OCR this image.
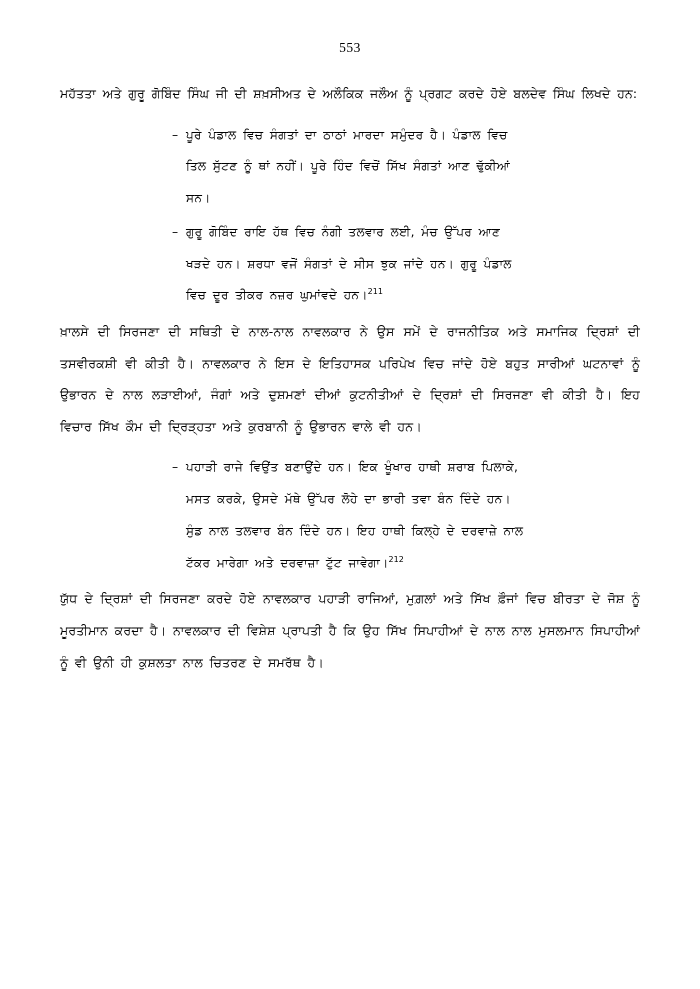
553

ਮਹੱਤਤਾ ਅਤੇ ਗੁਰੂ ਗੋਬਿੰਦ ਸਿੰਘ ਜੀ ਦੀ ਸ਼ਖ਼ਸੀਅਤ ਦੇ ਅਲੌਕਿਕ ਜਲੌਅ ਨੂੰ ਪ੍ਰਗਟ ਕਰਦੇ ਹੋਏ ਬਲਦੇਵ ਸਿੰਘ ਲਿਖਦੇ ਹਨ:

– ਪੂਰੇ ਪੰਡਾਲ ਵਿਚ ਸੰਗਤਾਂ ਦਾ ਠਾਠਾਂ ਮਾਰਦਾ ਸਮੁੰਦਰ ਹੈ। ਪੰਡਾਲ ਵਿਚ
ਤਿਲ ਸੁੱਟਣ ਨੂੰ ਥਾਂ ਨਹੀਂ। ਪੂਰੇ ਹਿੰਦ ਵਿਚੋਂ ਸਿੱਖ ਸੰਗਤਾਂ ਆਣ ਢੁੱਕੀਆਂ
ਸਨ।
– ਗੁਰੂ ਗੋਬਿੰਦ ਰਾਇ ਹੱਥ ਵਿਚ ਨੰਗੀ ਤਲਵਾਰ ਲਈ, ਮੰਚ ਉੱਪਰ ਆਣ
ਖੜਦੇ ਹਨ। ਸ਼ਰਧਾ ਵਜੋਂ ਸੰਗਤਾਂ ਦੇ ਸੀਸ ਝੁਕ ਜਾਂਦੇ ਹਨ। ਗੁਰੂ ਪੰਡਾਲ
ਵਿਚ ਦੂਰ ਤੀਕਰ ਨਜ਼ਰ ਘੁਮਾਂਵਦੇ ਹਨ।$^{211}$

ਖ਼ਾਲਸੇ ਦੀ ਸਿਰਜਣਾ ਦੀ ਸਥਿਤੀ ਦੇ ਨਾਲ-ਨਾਲ ਨਾਵਲਕਾਰ ਨੇ ਉਸ ਸਮੇਂ ਦੇ ਰਾਜਨੀਤਿਕ ਅਤੇ ਸਮਾਜਿਕ ਦ੍ਰਿਸ਼ਾਂ ਦੀ ਤਸਵੀਰਕਸ਼ੀ ਵੀ ਕੀਤੀ ਹੈ। ਨਾਵਲਕਾਰ ਨੇ ਇਸ ਦੇ ਇਤਿਹਾਸਕ ਪਰਿਪੇਖ ਵਿਚ ਜਾਂਦੇ ਹੋਏ ਬਹੁਤ ਸਾਰੀਆਂ ਘਟਨਾਵਾਂ ਨੂੰ ਉਭਾਰਨ ਦੇ ਨਾਲ ਲੜਾਈਆਂ, ਜੰਗਾਂ ਅਤੇ ਦੁਸ਼ਮਣਾਂ ਦੀਆਂ ਕੁਟਨੀਤੀਆਂ ਦੇ ਦ੍ਰਿਸ਼ਾਂ ਦੀ ਸਿਰਜਣਾ ਵੀ ਕੀਤੀ ਹੈ। ਇਹ ਵਿਚਾਰ ਸਿੱਖ ਕੌਮ ਦੀ ਦ੍ਰਿੜ੍ਹਤਾ ਅਤੇ ਕੁਰਬਾਨੀ ਨੂੰ ਉਭਾਰਨ ਵਾਲੇ ਵੀ ਹਨ।

– ਪਹਾੜੀ ਰਾਜੇ ਵਿਉਂਤ ਬਣਾਉਂਦੇ ਹਨ। ਇਕ ਖੂੰਖਾਰ ਹਾਥੀ ਸ਼ਰਾਬ ਪਿਲਾਕੇ,
ਮਸਤ ਕਰਕੇ, ਉਸਦੇ ਮੱਥੇ ਉੱਪਰ ਲੋਹੇ ਦਾ ਭਾਰੀ ਤਵਾ ਬੰਨ ਦਿੰਦੇ ਹਨ।
ਸੁੰਡ ਨਾਲ ਤਲਵਾਰ ਬੰਨ ਦਿੰਦੇ ਹਨ। ਇਹ ਹਾਥੀ ਕਿਲ੍ਹੇ ਦੇ ਦਰਵਾਜ਼ੇ ਨਾਲ
ਟੱਕਰ ਮਾਰੇਗਾ ਅਤੇ ਦਰਵਾਜ਼ਾ ਟੁੱਟ ਜਾਵੇਗਾ।$^{212}$

ਯੁੱਧ ਦੇ ਦ੍ਰਿਸ਼ਾਂ ਦੀ ਸਿਰਜਣਾ ਕਰਦੇ ਹੋਏ ਨਾਵਲਕਾਰ ਪਹਾੜੀ ਰਾਜਿਆਂ, ਮੁਗ਼ਲਾਂ ਅਤੇ ਸਿੱਖ ਫ਼ੌਜਾਂ ਵਿਚ ਬੀਰਤਾ ਦੇ ਜੋਸ਼ ਨੂੰ ਮੂਰਤੀਮਾਨ ਕਰਦਾ ਹੈ। ਨਾਵਲਕਾਰ ਦੀ ਵਿਸ਼ੇਸ਼ ਪ੍ਰਾਪਤੀ ਹੈ ਕਿ ਉਹ ਸਿੱਖ ਸਿਪਾਹੀਆਂ ਦੇ ਨਾਲ ਨਾਲ ਮੁਸਲਮਾਨ ਸਿਪਾਹੀਆਂ ਨੂੰ ਵੀ ਉਨੀ ਹੀ ਕੁਸ਼ਲਤਾ ਨਾਲ ਚਿਤਰਣ ਦੇ ਸਮਰੱਥ ਹੈ।
